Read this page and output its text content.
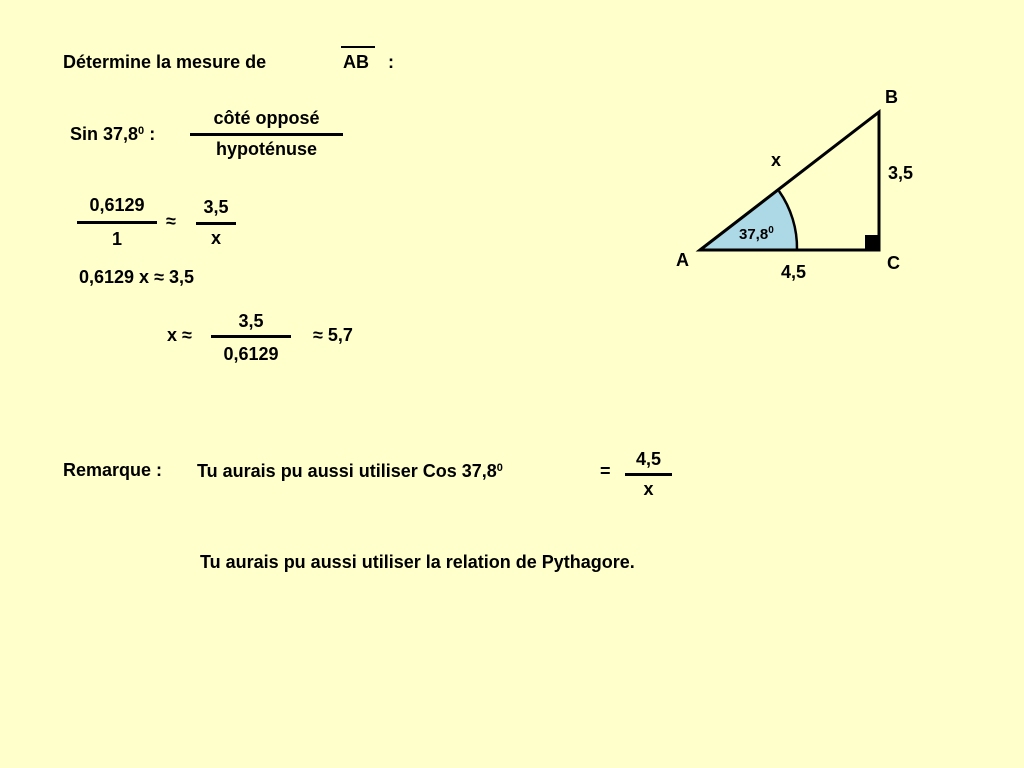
Détermine la mesure de	AB :
Sin 37,8$^0$ :
côté opposé
hypoténuse
0,6129
1
≈
3,5
x
0,6129 x ≈ 3,5
x ≈
3,5
0,6129
≈ 5,7
Remarque : Tu aurais pu aussi utiliser Cos $37,8^0$	=
4,5
x
Tu aurais pu aussi utiliser la relation de Pythagore.
B
A	C
x
3,5
4,5
37,8$^0$
